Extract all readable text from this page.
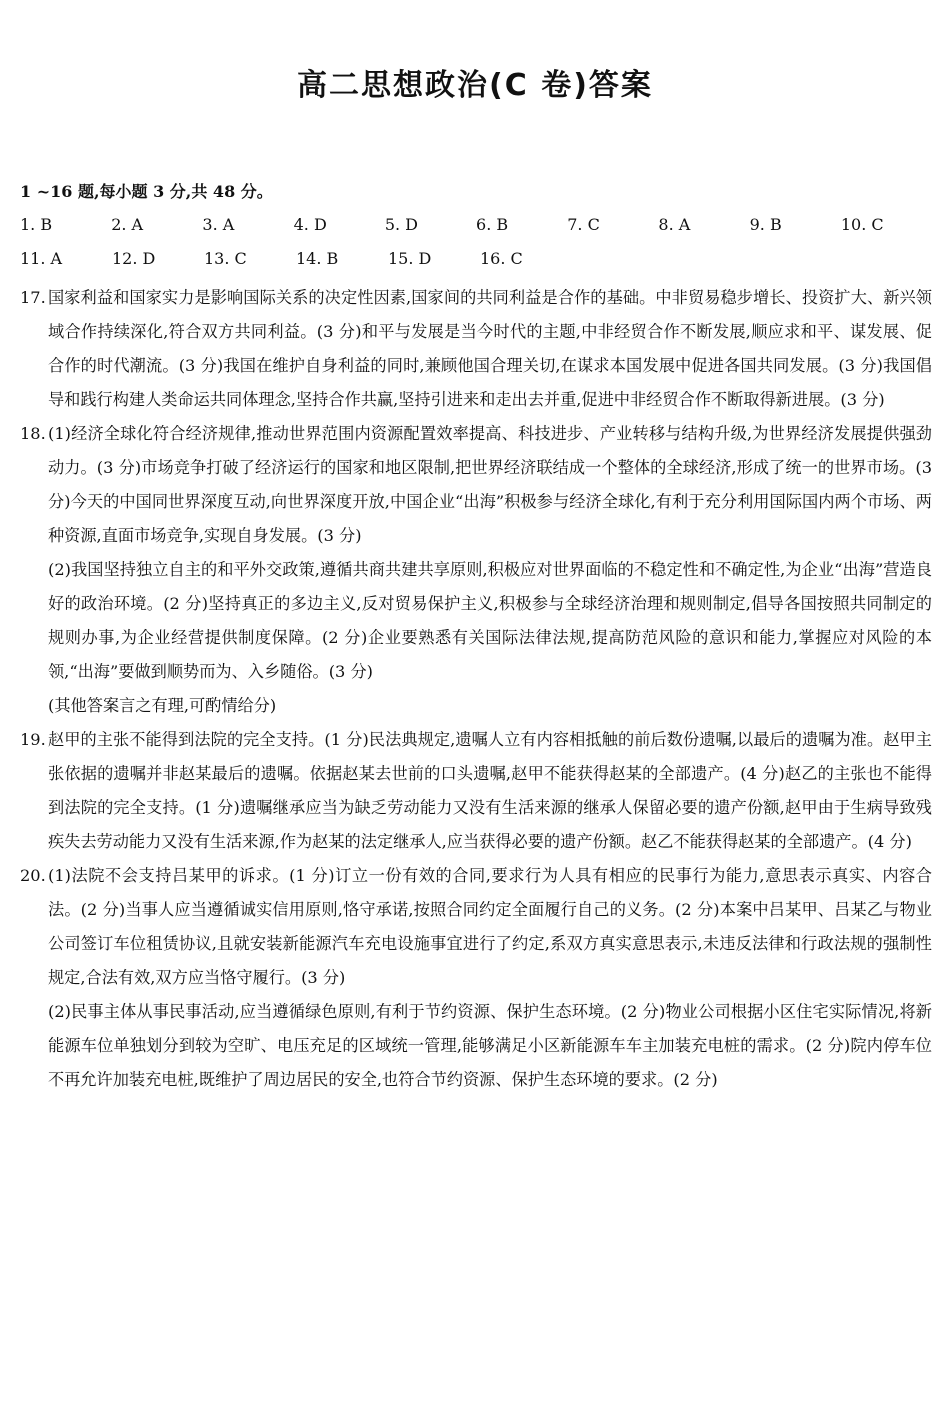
高二思想政治(C 卷)答案
1 ~16 题,每小题 3 分,共 48 分。
1. B	2. A	3. A	4. D	5. D	6. B	7. C	8. A	9. B	10. C
11. A	12. D	13. C	14. B	15. D	16. C
17. 国家利益和国家实力是影响国际关系的决定性因素,国家间的共同利益是合作的基础。中非贸易稳步增长、投资扩大、新兴领域合作持续深化,符合双方共同利益。(3 分)和平与发展是当今时代的主题,中非经贸合作不断发展,顺应求和平、谋发展、促合作的时代潮流。(3 分)我国在维护自身利益的同时,兼顾他国合理关切,在谋求本国发展中促进各国共同发展。(3 分)我国倡导和践行构建人类命运共同体理念,坚持合作共赢,坚持引进来和走出去并重,促进中非经贸合作不断取得新进展。(3 分)

18. (1)经济全球化符合经济规律,推动世界范围内资源配置效率提高、科技进步、产业转移与结构升级,为世界经济发展提供强劲动力。(3 分)市场竞争打破了经济运行的国家和地区限制,把世界经济联结成一个整体的全球经济,形成了统一的世界市场。(3 分)今天的中国同世界深度互动,向世界深度开放,中国企业“出海”积极参与经济全球化,有利于充分利用国际国内两个市场、两种资源,直面市场竞争,实现自身发展。(3 分)

(2)我国坚持独立自主的和平外交政策,遵循共商共建共享原则,积极应对世界面临的不稳定性和不确定性,为企业“出海”营造良好的政治环境。(2 分)坚持真正的多边主义,反对贸易保护主义,积极参与全球经济治理和规则制定,倡导各国按照共同制定的规则办事,为企业经营提供制度保障。(2 分)企业要熟悉有关国际法律法规,提高防范风险的意识和能力,掌握应对风险的本领,“出海”要做到顺势而为、入乡随俗。(3 分)

(其他答案言之有理,可酌情给分)

19. 赵甲的主张不能得到法院的完全支持。(1 分)民法典规定,遗嘱人立有内容相抵触的前后数份遗嘱,以最后的遗嘱为准。赵甲主张依据的遗嘱并非赵某最后的遗嘱。依据赵某去世前的口头遗嘱,赵甲不能获得赵某的全部遗产。(4 分)赵乙的主张也不能得到法院的完全支持。(1 分)遗嘱继承应当为缺乏劳动能力又没有生活来源的继承人保留必要的遗产份额,赵甲由于生病导致残疾失去劳动能力又没有生活来源,作为赵某的法定继承人,应当获得必要的遗产份额。赵乙不能获得赵某的全部遗产。(4 分)

20. (1)法院不会支持吕某甲的诉求。(1 分)订立一份有效的合同,要求行为人具有相应的民事行为能力,意思表示真实、内容合法。(2 分)当事人应当遵循诚实信用原则,恪守承诺,按照合同约定全面履行自己的义务。(2 分)本案中吕某甲、吕某乙与物业公司签订车位租赁协议,且就安装新能源汽车充电设施事宜进行了约定,系双方真实意思表示,未违反法律和行政法规的强制性规定,合法有效,双方应当恪守履行。(3 分)

(2)民事主体从事民事活动,应当遵循绿色原则,有利于节约资源、保护生态环境。(2 分)物业公司根据小区住宅实际情况,将新能源车位单独划分到较为空旷、电压充足的区域统一管理,能够满足小区新能源车车主加装充电桩的需求。(2 分)院内停车位不再允许加装充电桩,既维护了周边居民的安全,也符合节约资源、保护生态环境的要求。(2 分)
